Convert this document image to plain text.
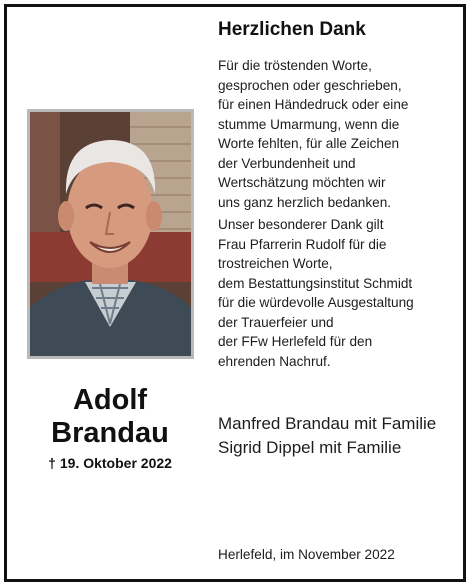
Adolf
Brandau
† 19. Oktober 2022
Herzlichen Dank
Für die tröstenden Worte,
gesprochen oder geschrieben,
für einen Händedruck oder eine
stumme Umarmung, wenn die
Worte fehlten, für alle Zeichen
der Verbundenheit und
Wertschätzung möchten wir
uns ganz herzlich bedanken.
Unser besonderer Dank gilt
Frau Pfarrerin Rudolf für die
trostreichen Worte,
dem Bestattungsinstitut Schmidt
für die würdevolle Ausgestaltung
der Trauerfeier und
der FFw Herlefeld für den
ehrenden Nachruf.
Manfred Brandau mit Familie
Sigrid Dippel mit Familie
Herlefeld, im November 2022
